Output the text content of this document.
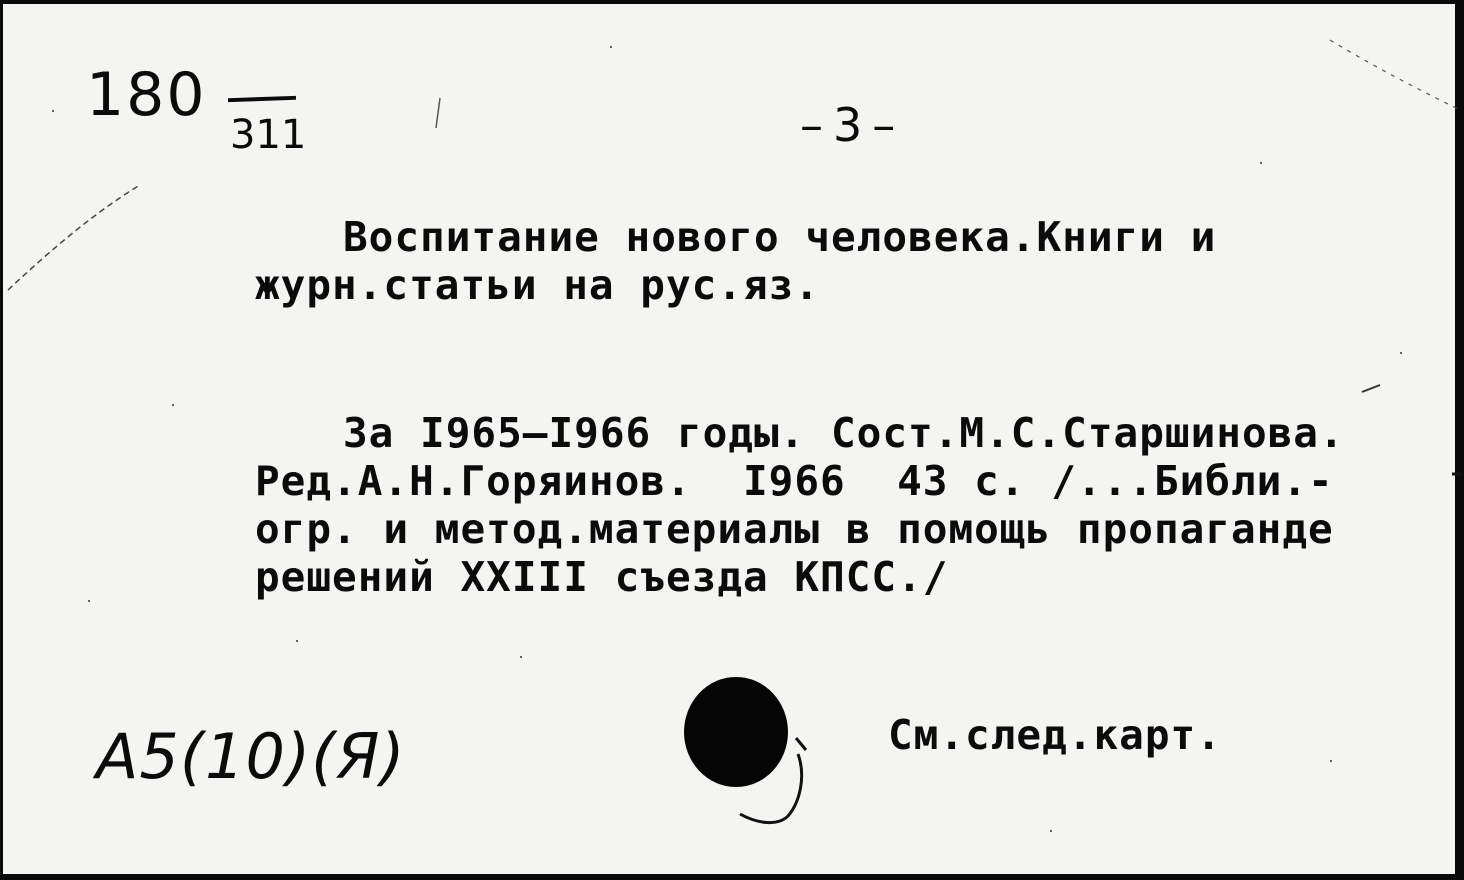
180
311	–3–
Воспитание нового человека.Книги и
журн.статьи на рус.яз.
За I965–I966 годы. Сост.М.С.Старшинова.
Ред.А.Н.Горяинов.  I966  43 с. /...Библи.-
огр. и метод.материалы в помощь пропаганде
решений XXIII съезда КПСС./
А5(10)(Я)	См.след.карт.
